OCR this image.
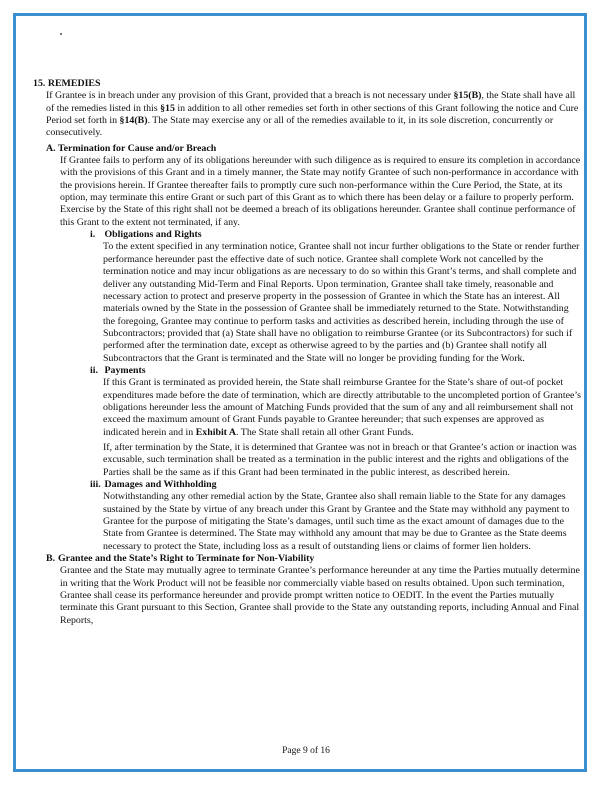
15. REMEDIES

If Grantee is in breach under any provision of this Grant, provided that a breach is not necessary under §15(B), the State shall have all of the remedies listed in this §15 in addition to all other remedies set forth in other sections of this Grant following the notice and Cure Period set forth in §14(B). The State may exercise any or all of the remedies available to it, in its sole discretion, concurrently or consecutively.

A. Termination for Cause and/or Breach

If Grantee fails to perform any of its obligations hereunder with such diligence as is required to ensure its completion in accordance with the provisions of this Grant and in a timely manner, the State may notify Grantee of such non-performance in accordance with the provisions herein. If Grantee thereafter fails to promptly cure such non-performance within the Cure Period, the State, at its option, may terminate this entire Grant or such part of this Grant as to which there has been delay or a failure to properly perform. Exercise by the State of this right shall not be deemed a breach of its obligations hereunder. Grantee shall continue performance of this Grant to the extent not terminated, if any.

i. Obligations and Rights

To the extent specified in any termination notice, Grantee shall not incur further obligations to the State or render further performance hereunder past the effective date of such notice. Grantee shall complete Work not cancelled by the termination notice and may incur obligations as are necessary to do so within this Grant’s terms, and shall complete and deliver any outstanding Mid-Term and Final Reports. Upon termination, Grantee shall take timely, reasonable and necessary action to protect and preserve property in the possession of Grantee in which the State has an interest. All materials owned by the State in the possession of Grantee shall be immediately returned to the State. Notwithstanding the foregoing, Grantee may continue to perform tasks and activities as described herein, including through the use of Subcontractors; provided that (a) State shall have no obligation to reimburse Grantee (or its Subcontractors) for such if performed after the termination date, except as otherwise agreed to by the parties and (b) Grantee shall notify all Subcontractors that the Grant is terminated and the State will no longer be providing funding for the Work.

ii. Payments

If this Grant is terminated as provided herein, the State shall reimburse Grantee for the State’s share of out-of pocket expenditures made before the date of termination, which are directly attributable to the uncompleted portion of Grantee’s obligations hereunder less the amount of Matching Funds provided that the sum of any and all reimbursement shall not exceed the maximum amount of Grant Funds payable to Grantee hereunder; that such expenses are approved as indicated herein and in Exhibit A. The State shall retain all other Grant Funds.

If, after termination by the State, it is determined that Grantee was not in breach or that Grantee’s action or inaction was excusable, such termination shall be treated as a termination in the public interest and the rights and obligations of the Parties shall be the same as if this Grant had been terminated in the public interest, as described herein.

iii. Damages and Withholding

Notwithstanding any other remedial action by the State, Grantee also shall remain liable to the State for any damages sustained by the State by virtue of any breach under this Grant by Grantee and the State may withhold any payment to Grantee for the purpose of mitigating the State’s damages, until such time as the exact amount of damages due to the State from Grantee is determined. The State may withhold any amount that may be due to Grantee as the State deems necessary to protect the State, including loss as a result of outstanding liens or claims of former lien holders.

B. Grantee and the State’s Right to Terminate for Non-Viability

Grantee and the State may mutually agree to terminate Grantee’s performance hereunder at any time the Parties mutually determine in writing that the Work Product will not be feasible nor commercially viable based on results obtained. Upon such termination, Grantee shall cease its performance hereunder and provide prompt written notice to OEDIT. In the event the Parties mutually terminate this Grant pursuant to this Section, Grantee shall provide to the State any outstanding reports, including Annual and Final Reports,

Page 9 of 16
